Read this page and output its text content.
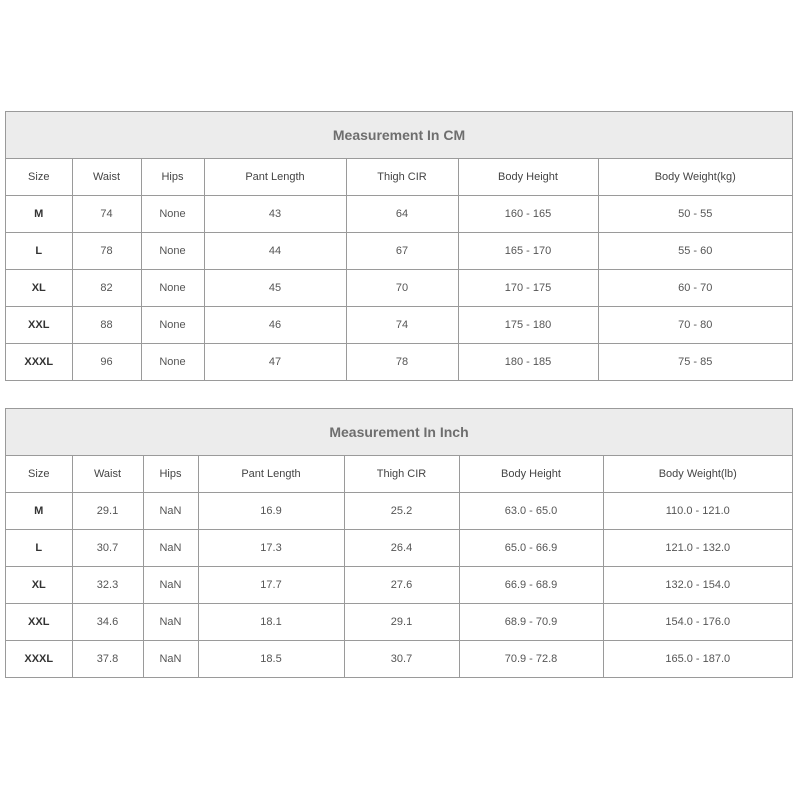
Measurement In CM
Size	Waist	Hips	Pant Length	Thigh CIR	Body Height	Body Weight(kg)
M	74	None	43	64	160 - 165	50 - 55
L	78	None	44	67	165 - 170	55 - 60
XL	82	None	45	70	170 - 175	60 - 70
XXL	88	None	46	74	175 - 180	70 - 80
XXXL	96	None	47	78	180 - 185	75 - 85
Measurement In Inch
Size	Waist	Hips	Pant Length	Thigh CIR	Body Height	Body Weight(lb)
M	29.1	NaN	16.9	25.2	63.0 - 65.0	110.0 - 121.0
L	30.7	NaN	17.3	26.4	65.0 - 66.9	121.0 - 132.0
XL	32.3	NaN	17.7	27.6	66.9 - 68.9	132.0 - 154.0
XXL	34.6	NaN	18.1	29.1	68.9 - 70.9	154.0 - 176.0
XXXL	37.8	NaN	18.5	30.7	70.9 - 72.8	165.0 - 187.0
